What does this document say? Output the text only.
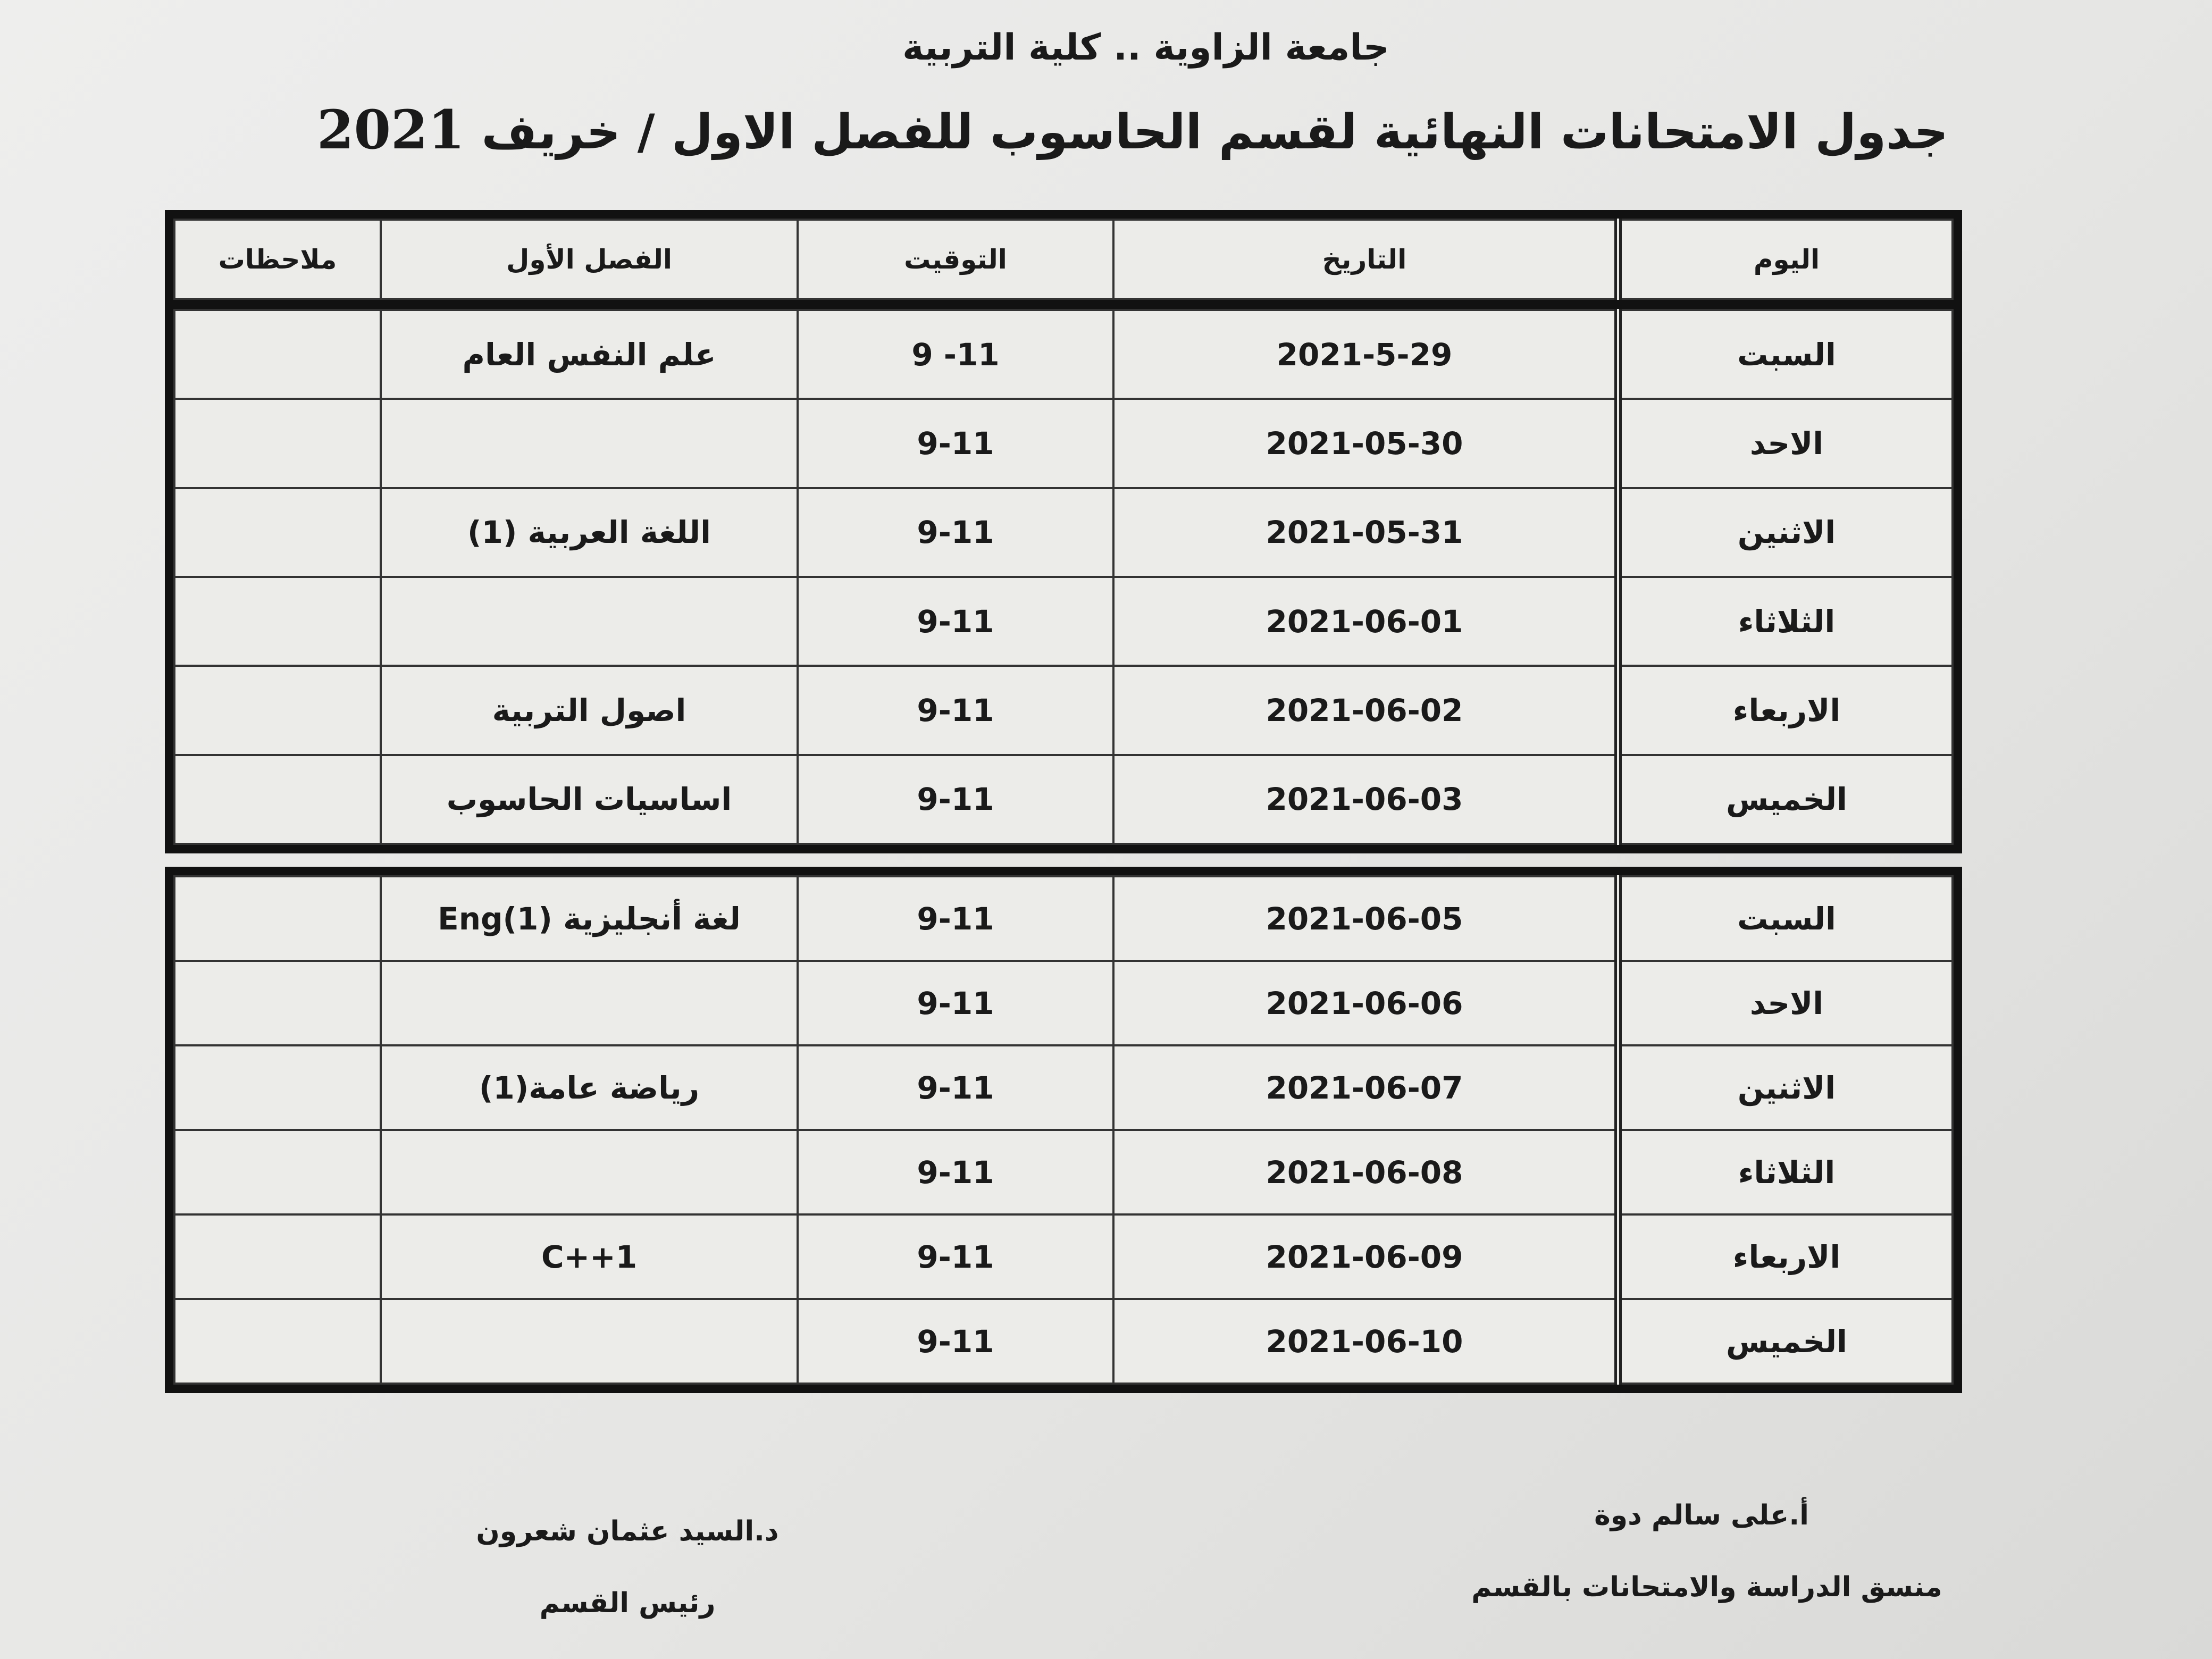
جامعة الزاوية .. كلية التربية
جدول الامتحانات النهائية لقسم الحاسوب للفصل الاول / خريف 2021
اليوم	التاريخ	التوقيت	الفصل الأول	ملاحظات
السبت	2021-5-29	9 -11	علم النفس العام	
الاحد	2021-05-30	9-11		
الاثنين	2021-05-31	9-11	اللغة العربية (1)	
الثلاثاء	2021-06-01	9-11		
الاربعاء	2021-06-02	9-11	اصول التربية	
الخميس	2021-06-03	9-11	اساسيات الحاسوب	
السبت	2021-06-05	9-11	لغة أنجليزية (Eng(1	
الاحد	2021-06-06	9-11		
الاثنين	2021-06-07	9-11	رياضة عامة(1)	
الثلاثاء	2021-06-08	9-11		
الاربعاء	2021-06-09	9-11	C++1	
الخميس	2021-06-10	9-11		
أ.على سالم دوة
منسق الدراسة والامتحانات بالقسم
د.السيد عثمان شعرون
رئيس القسم
